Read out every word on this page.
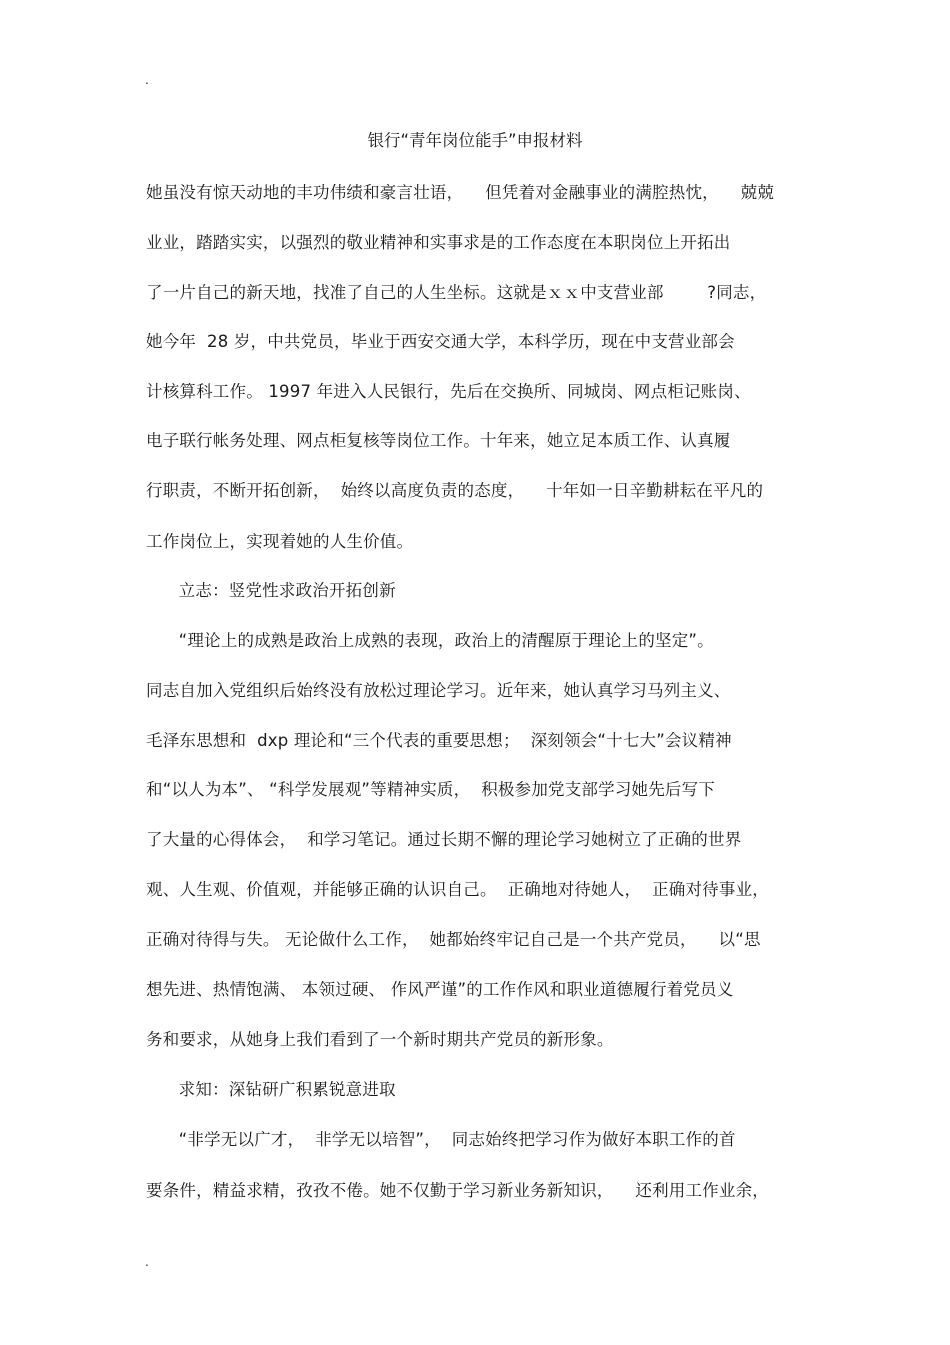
.
银行“青年岗位能手”申报材料
她虽没有惊天动地的丰功伟绩和豪言壮语，    但凭着对金融事业的满腔热忱，    兢兢
业业，踏踏实实，以强烈的敬业精神和实事求是的工作态度在本职岗位上开拓出
了一片自己的新天地，找准了自己的人生坐标。这就是ｘｘ中支营业部        ?同志，
她今年  28 岁，中共党员，毕业于西安交通大学，本科学历，现在中支营业部会
计核算科工作。 1997 年进入人民银行，先后在交换所、同城岗、网点柜记账岗、
电子联行帐务处理、网点柜复核等岗位工作。十年来，她立足本质工作、认真履
行职责，不断开拓创新，  始终以高度负责的态度，    十年如一日辛勤耕耘在平凡的
工作岗位上，实现着她的人生价值。
立志：竖党性求政治开拓创新
“理论上的成熟是政治上成熟的表现，政治上的清醒原于理论上的坚定”。
同志自加入党组织后始终没有放松过理论学习。近年来，她认真学习马列主义、
毛泽东思想和  dxp 理论和“三个代表的重要思想；  深刻领会“十七大”会议精神
和“以人为本”、 “科学发展观”等精神实质，  积极参加党支部学习她先后写下
了大量的心得体会，  和学习笔记。通过长期不懈的理论学习她树立了正确的世界
观、人生观、价值观，并能够正确的认识自己。  正确地对待她人，  正确对待事业，
正确对待得与失。 无论做什么工作，  她都始终牢记自己是一个共产党员，    以“思
想先进、热情饱满、 本领过硬、 作风严谨”的工作作风和职业道德履行着党员义
务和要求，从她身上我们看到了一个新时期共产党员的新形象。
求知：深钻研广积累锐意进取
“非学无以广才，  非学无以培智”，  同志始终把学习作为做好本职工作的首
要条件，精益求精，孜孜不倦。她不仅勤于学习新业务新知识，    还利用工作业余，
.
